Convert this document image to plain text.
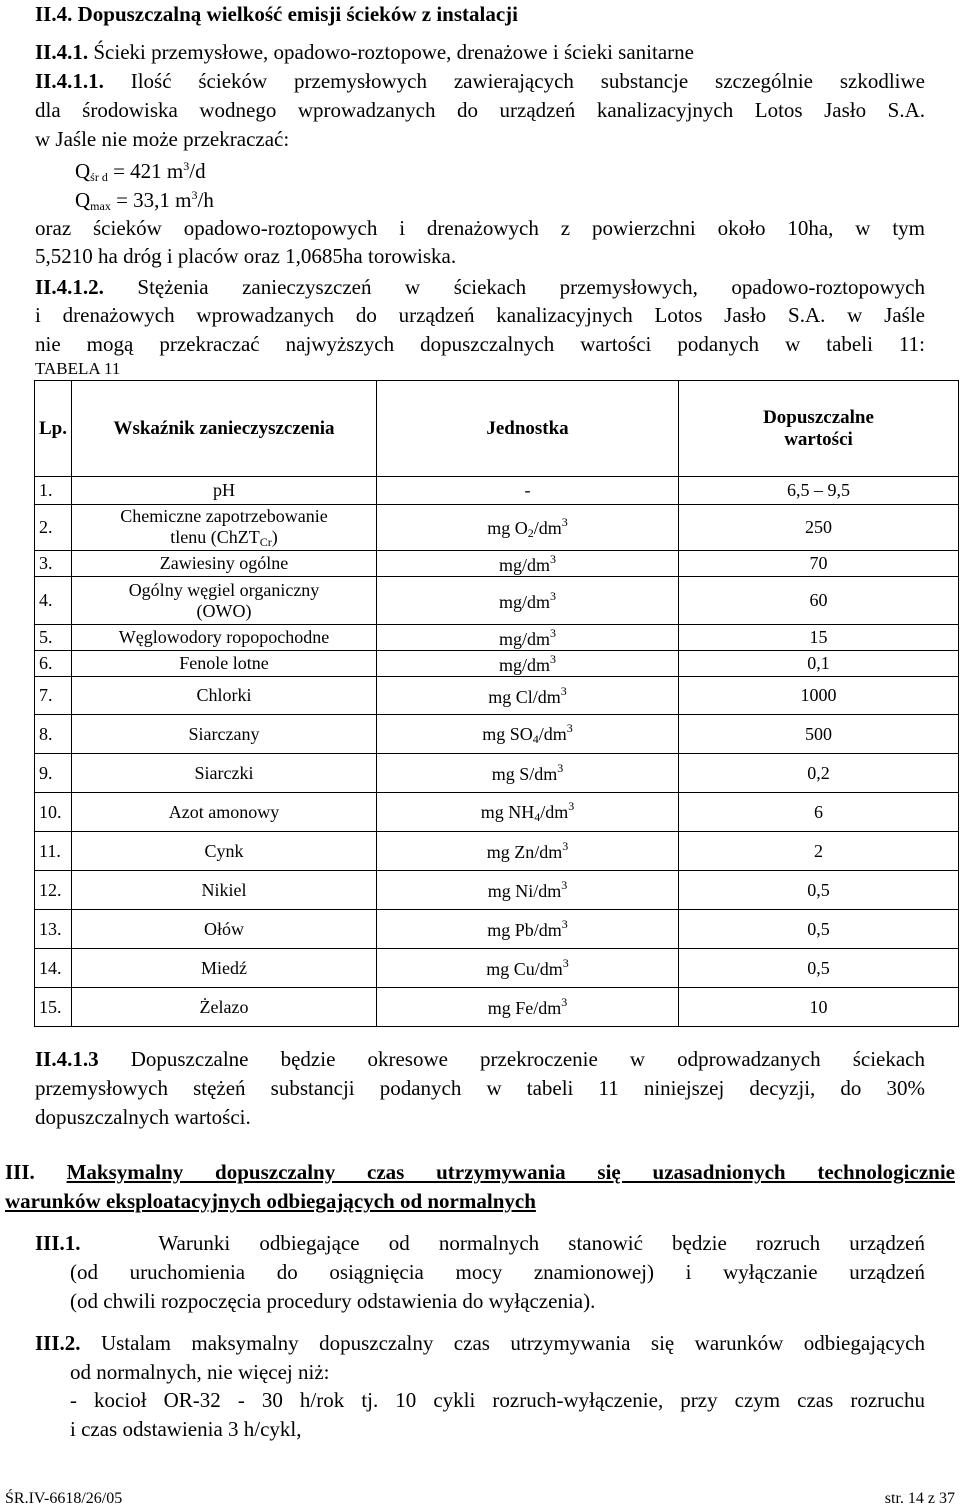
II.4. Dopuszczalną wielkość emisji ścieków z instalacji
II.4.1. Ścieki przemysłowe, opadowo-roztopowe, drenażowe i ścieki sanitarne
II.4.1.1. Ilość ścieków przemysłowych zawierających substancje szczególnie szkodliwe
dla środowiska wodnego wprowadzanych do urządzeń kanalizacyjnych Lotos Jasło S.A.
w Jaśle nie może przekraczać:
$Q_{śr d} = 421$ $m^3/d$
$Q_{max} = 33,1$ $m^3/h$
oraz ścieków opadowo-roztopowych i drenażowych z powierzchni około 10ha, w tym
5,5210 ha dróg i placów oraz 1,0685ha torowiska.
II.4.1.2. Stężenia zanieczyszczeń w ściekach przemysłowych, opadowo-roztopowych
i drenażowych wprowadzanych do urządzeń kanalizacyjnych Lotos Jasło S.A. w Jaśle
nie mogą przekraczać najwyższych dopuszczalnych wartości podanych w tabeli 11:
TABELA 11
Lp.	Wskaźnik zanieczyszczenia	Jednostka	Dopuszczalne
wartości

1.	pH	-	6,5 – 9,5
2.	Chemiczne zapotrzebowanie
tlenu (ChZT$_{Cr}$)	mg $O_2/dm^3$	250
3.	Zawiesiny ogólne	$mg/dm^3$	70
4.	Ogólny węgiel organiczny
(OWO)	$mg/dm^3$	60
5.	Węglowodory ropopochodne	$mg/dm^3$	15
6.	Fenole lotne	$mg/dm^3$	0,1
7.	Chlorki	mg $Cl/dm^3$	1000
8.	Siarczany	mg $SO_4/dm^3$	500
9.	Siarczki	mg $S/dm^3$	0,2
10.	Azot amonowy	mg $NH_4/dm^3$	6
11.	Cynk	mg $Zn/dm^3$	2
12.	Nikiel	mg $Ni/dm^3$	0,5
13.	Ołów	mg $Pb/dm^3$	0,5
14.	Miedź	mg $Cu/dm^3$	0,5
15.	Żelazo	mg $Fe/dm^3$	10
II.4.1.3 Dopuszczalne będzie okresowe przekroczenie w odprowadzanych ściekach
przemysłowych stężeń substancji podanych w tabeli 11 niniejszej decyzji, do 30%
dopuszczalnych wartości.
III. Maksymalny dopuszczalny czas utrzymywania się uzasadnionych technologicznie
warunków eksploatacyjnych odbiegających od normalnych
III.1.	Warunki odbiegające od normalnych stanowić będzie rozruch urządzeń
(od uruchomienia do osiągnięcia mocy znamionowej) i wyłączanie urządzeń
(od chwili rozpoczęcia procedury odstawienia do wyłączenia).
III.2. Ustalam maksymalny dopuszczalny czas utrzymywania się warunków odbiegających
od normalnych, nie więcej niż:
- kocioł OR-32 - 30 h/rok tj. 10 cykli rozruch-wyłączenie, przy czym czas rozruchu
i czas odstawienia 3 h/cykl,
ŚR.IV-6618/26/05	str. 14 z 37
